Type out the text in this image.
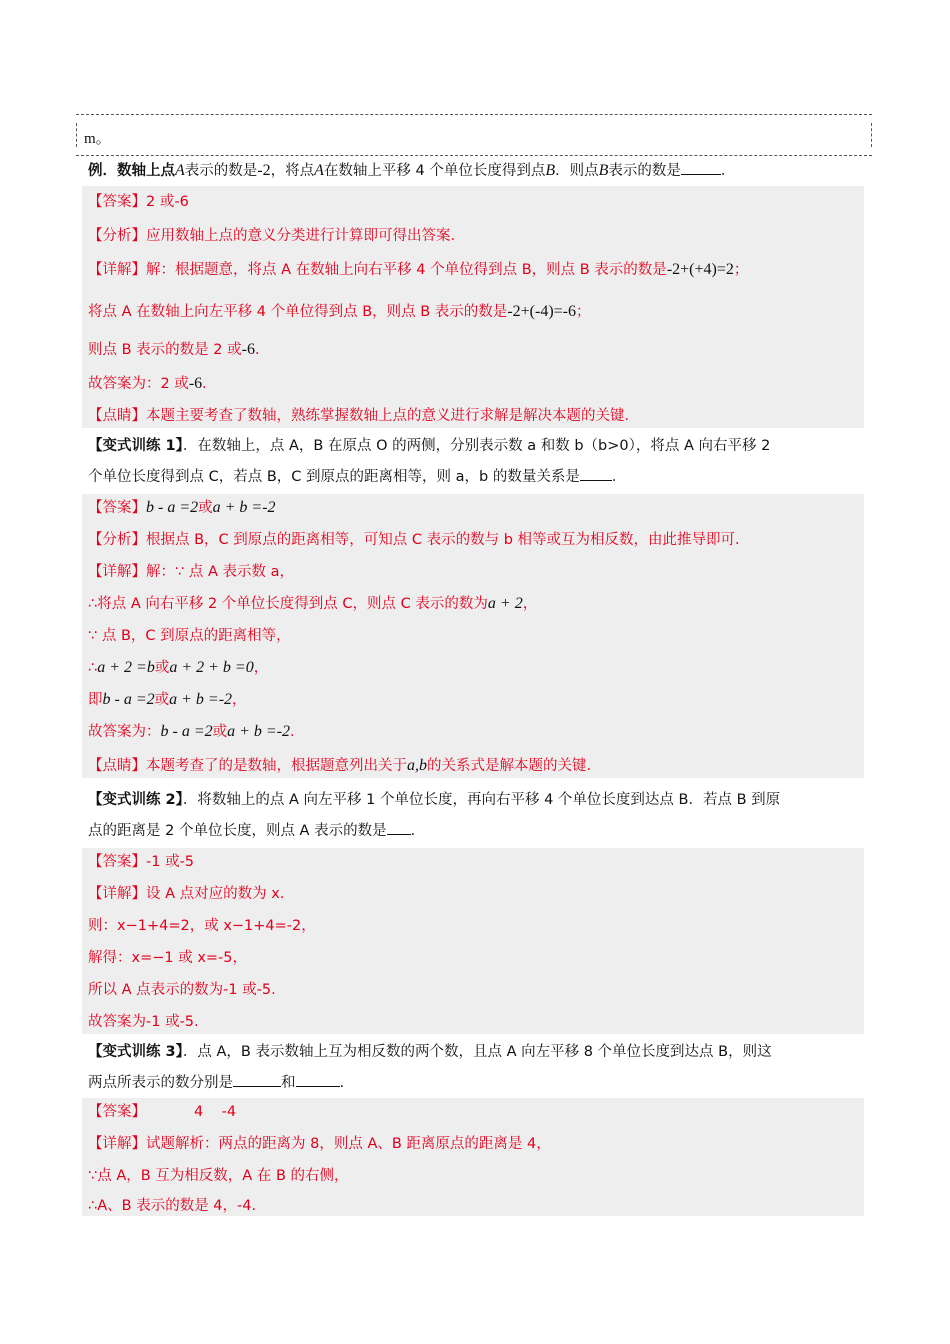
m。
例．数轴上点A表示的数是-2，将点A在数轴上平移 4 个单位长度得到点B．则点B表示的数是	．
【答案】2 或-6
【分析】应用数轴上点的意义分类进行计算即可得出答案．
【详解】解：根据题意，将点 A 在数轴上向右平移 4 个单位得到点 B，则点 B 表示的数是-2+(+4)=2；
将点 A 在数轴上向左平移 4 个单位得到点 B，则点 B 表示的数是-2+(-4)=-6；
则点 B 表示的数是 2 或-6．
故答案为：2 或-6．
【点睛】本题主要考查了数轴，熟练掌握数轴上点的意义进行求解是解决本题的关键．
【变式训练 1】．在数轴上，点 A，B 在原点 O 的两侧，分别表示数 a 和数 b（b>0），将点 A 向右平移 2
个单位长度得到点 C，若点 B，C 到原点的距离相等，则 a，b 的数量关系是 ．
【答案】b - a =2或a + b =-2
【分析】根据点 B，C 到原点的距离相等，可知点 C 表示的数与 b 相等或互为相反数，由此推导即可．
【详解】解：∵ 点 A 表示数 a，
∴将点 A 向右平移 2 个单位长度得到点 C，则点 C 表示的数为a + 2，
∵ 点 B，C 到原点的距离相等，
∴a + 2 =b或a + 2 + b =0，
即b - a =2或a + b =-2，
故答案为：b - a =2或a + b =-2．
【点睛】本题考查了的是数轴，根据题意列出关于a,b的关系式是解本题的关键．
【变式训练 2】．将数轴上的点 A 向左平移 1 个单位长度，再向右平移 4 个单位长度到达点 B．若点 B 到原
点的距离是 2 个单位长度，则点 A 表示的数是 ．
【答案】-1 或-5
【详解】设 A 点对应的数为 x.
则：x−1+4=2，或 x−1+4=-2，
解得：x=−1 或 x=-5，
所以 A 点表示的数为-1 或-5.
故答案为-1 或-5.
【变式训练 3】．点 A，B 表示数轴上互为相反数的两个数，且点 A 向左平移 8 个单位长度到达点 B，则这
两点所表示的数分别是	和	.
【答案】	4    -4
【详解】试题解析：两点的距离为 8，则点 A、B 距离原点的距离是 4，
∵点 A，B 互为相反数，A 在 B 的右侧，
∴A、B 表示的数是 4，-4.
